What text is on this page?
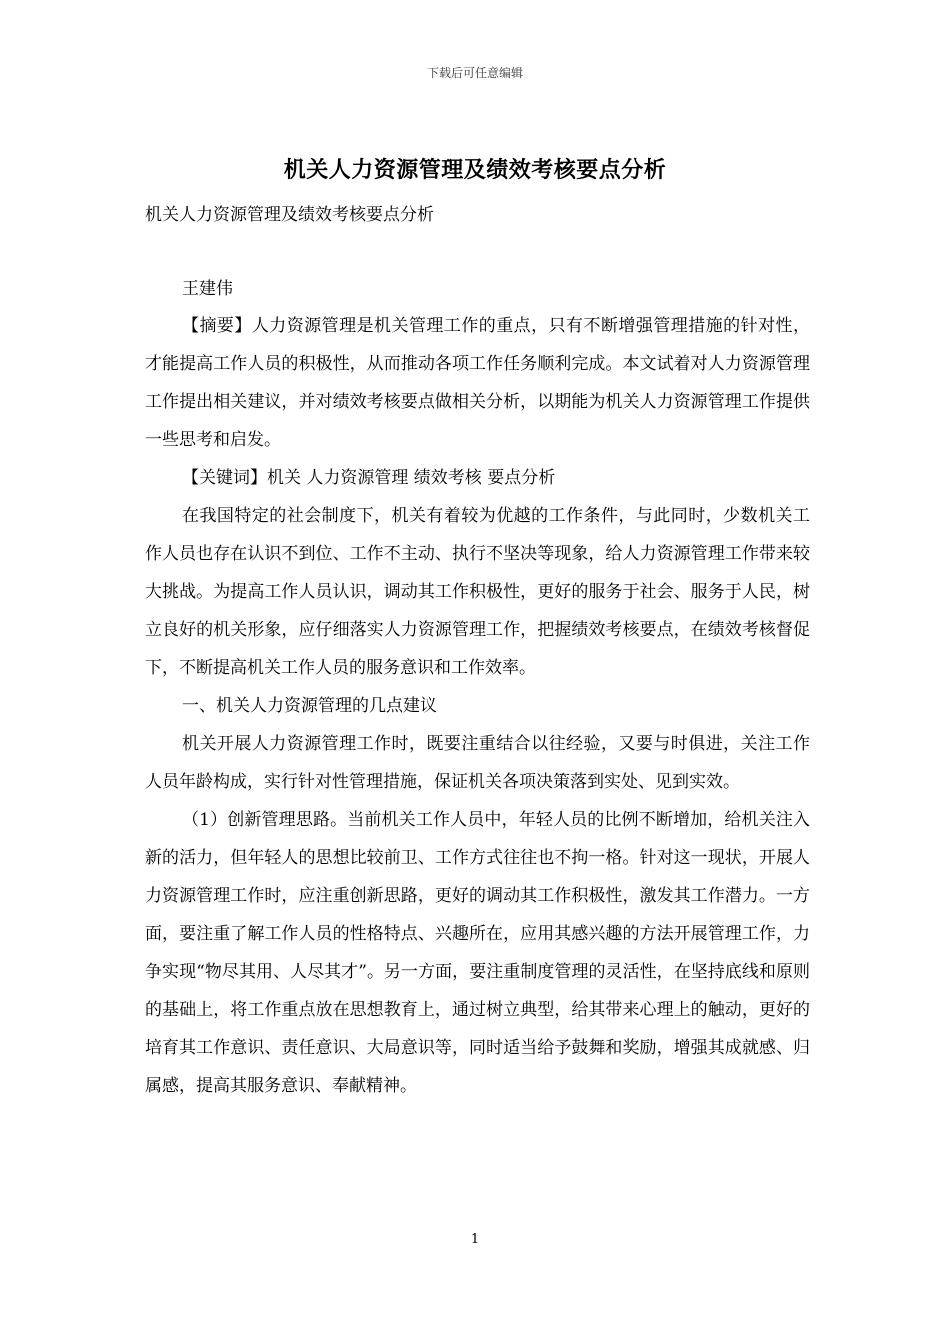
下载后可任意编辑
机关人力资源管理及绩效考核要点分析
机关人力资源管理及绩效考核要点分析
王建伟

【摘要】人力资源管理是机关管理工作的重点，只有不断增强管理措施的针对性，才能提高工作人员的积极性，从而推动各项工作任务顺利完成。本文试着对人力资源管理工作提出相关建议，并对绩效考核要点做相关分析，以期能为机关人力资源管理工作提供一些思考和启发。

【关键词】机关 人力资源管理 绩效考核 要点分析

在我国特定的社会制度下，机关有着较为优越的工作条件，与此同时，少数机关工作人员也存在认识不到位、工作不主动、执行不坚决等现象，给人力资源管理工作带来较大挑战。为提高工作人员认识，调动其工作积极性，更好的服务于社会、服务于人民，树立良好的机关形象，应仔细落实人力资源管理工作，把握绩效考核要点，在绩效考核督促下，不断提高机关工作人员的服务意识和工作效率。

一、机关人力资源管理的几点建议

机关开展人力资源管理工作时，既要注重结合以往经验，又要与时俱进，关注工作人员年龄构成，实行针对性管理措施，保证机关各项决策落到实处、见到实效。

（1）创新管理思路。当前机关工作人员中，年轻人员的比例不断增加，给机关注入新的活力，但年轻人的思想比较前卫、工作方式往往也不拘一格。针对这一现状，开展人力资源管理工作时，应注重创新思路，更好的调动其工作积极性，激发其工作潜力。一方面，要注重了解工作人员的性格特点、兴趣所在，应用其感兴趣的方法开展管理工作，力争实现“物尽其用、人尽其才”。另一方面，要注重制度管理的灵活性，在坚持底线和原则的基础上，将工作重点放在思想教育上，通过树立典型，给其带来心理上的触动，更好的培育其工作意识、责任意识、大局意识等，同时适当给予鼓舞和奖励，增强其成就感、归属感，提高其服务意识、奉献精神。

1
